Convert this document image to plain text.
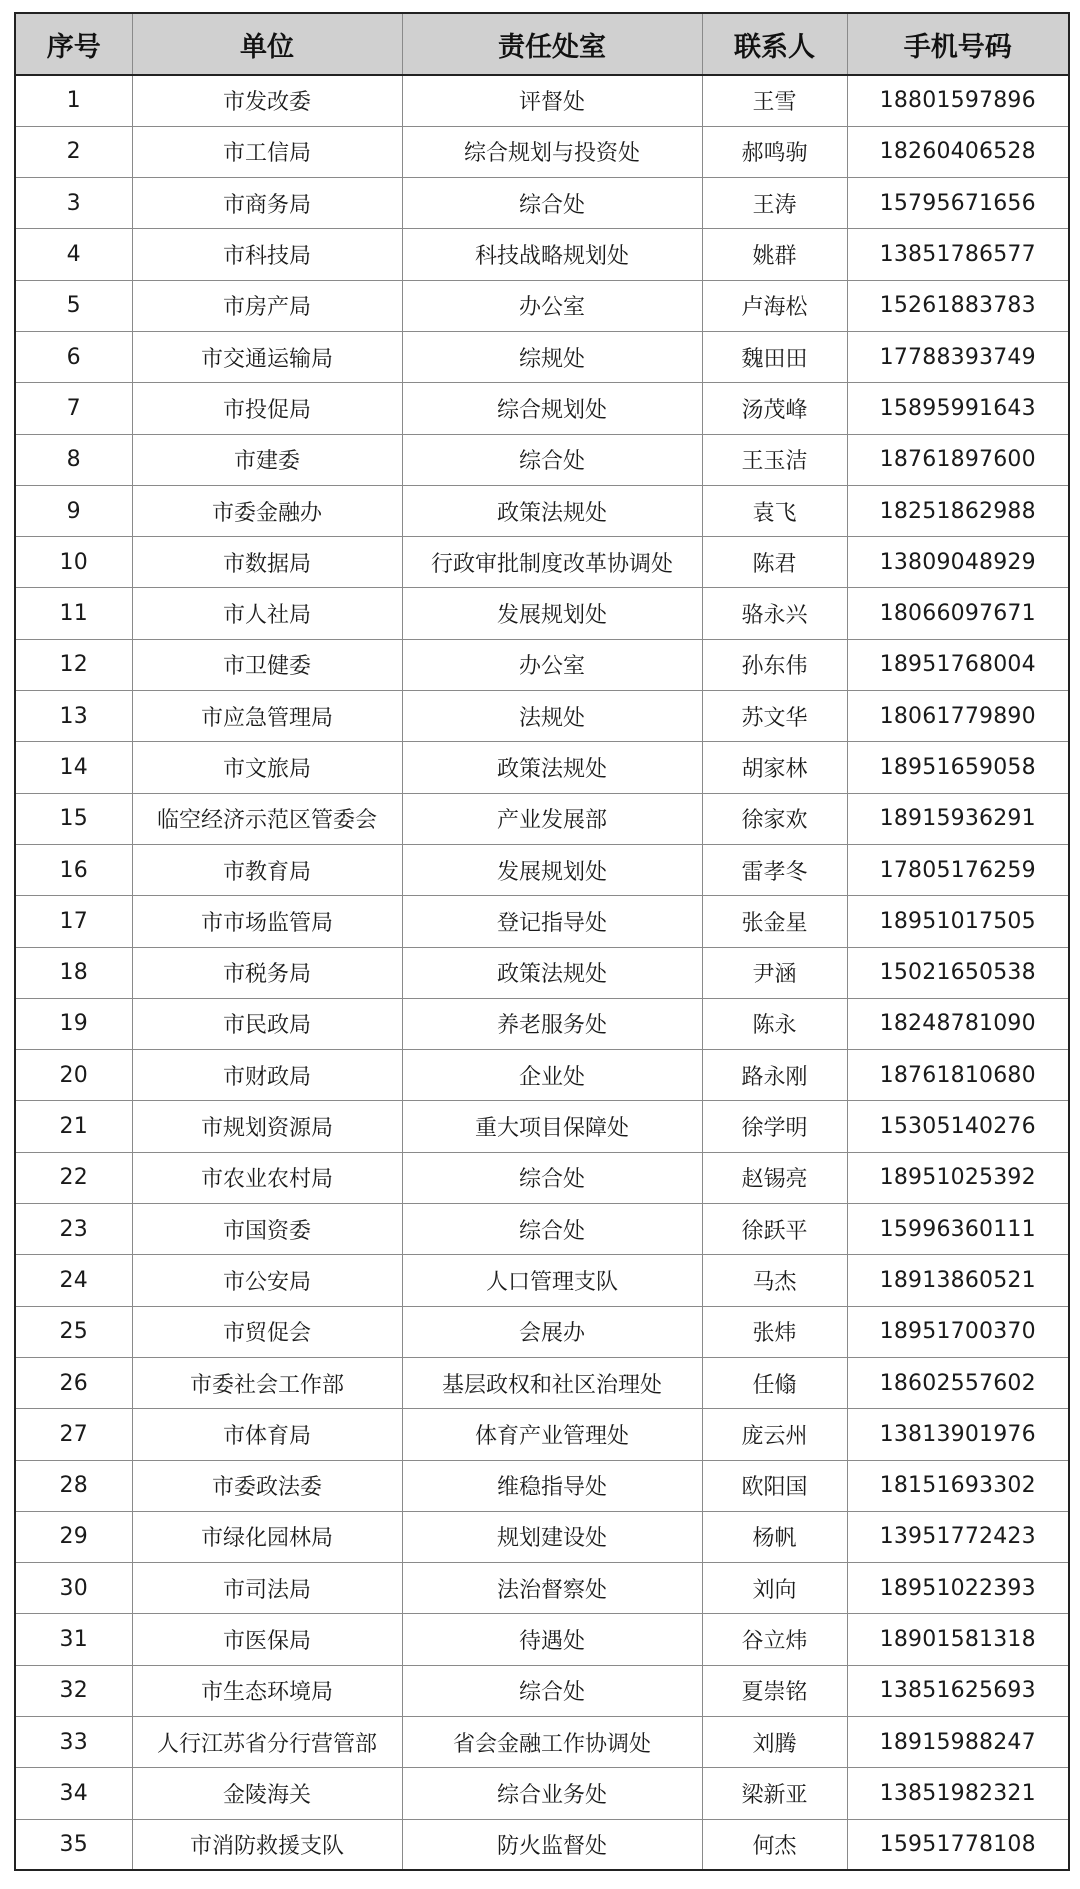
序号	单位	责任处室	联系人	手机号码
1	市发改委	评督处	王雪	18801597896
2	市工信局	综合规划与投资处	郝鸣驹	18260406528
3	市商务局	综合处	王涛	15795671656
4	市科技局	科技战略规划处	姚群	13851786577
5	市房产局	办公室	卢海松	15261883783
6	市交通运输局	综规处	魏田田	17788393749
7	市投促局	综合规划处	汤茂峰	15895991643
8	市建委	综合处	王玉洁	18761897600
9	市委金融办	政策法规处	袁飞	18251862988
10	市数据局	行政审批制度改革协调处	陈君	13809048929
11	市人社局	发展规划处	骆永兴	18066097671
12	市卫健委	办公室	孙东伟	18951768004
13	市应急管理局	法规处	苏文华	18061779890
14	市文旅局	政策法规处	胡家林	18951659058
15	临空经济示范区管委会	产业发展部	徐家欢	18915936291
16	市教育局	发展规划处	雷孝冬	17805176259
17	市市场监管局	登记指导处	张金星	18951017505
18	市税务局	政策法规处	尹涵	15021650538
19	市民政局	养老服务处	陈永	18248781090
20	市财政局	企业处	路永刚	18761810680
21	市规划资源局	重大项目保障处	徐学明	15305140276
22	市农业农村局	综合处	赵锡亮	18951025392
23	市国资委	综合处	徐跃平	15996360111
24	市公安局	人口管理支队	马杰	18913860521
25	市贸促会	会展办	张炜	18951700370
26	市委社会工作部	基层政权和社区治理处	任翛	18602557602
27	市体育局	体育产业管理处	庞云州	13813901976
28	市委政法委	维稳指导处	欧阳国	18151693302
29	市绿化园林局	规划建设处	杨帆	13951772423
30	市司法局	法治督察处	刘向	18951022393
31	市医保局	待遇处	谷立炜	18901581318
32	市生态环境局	综合处	夏崇铭	13851625693
33	人行江苏省分行营管部	省会金融工作协调处	刘腾	18915988247
34	金陵海关	综合业务处	梁新亚	13851982321
35	市消防救援支队	防火监督处	何杰	15951778108
